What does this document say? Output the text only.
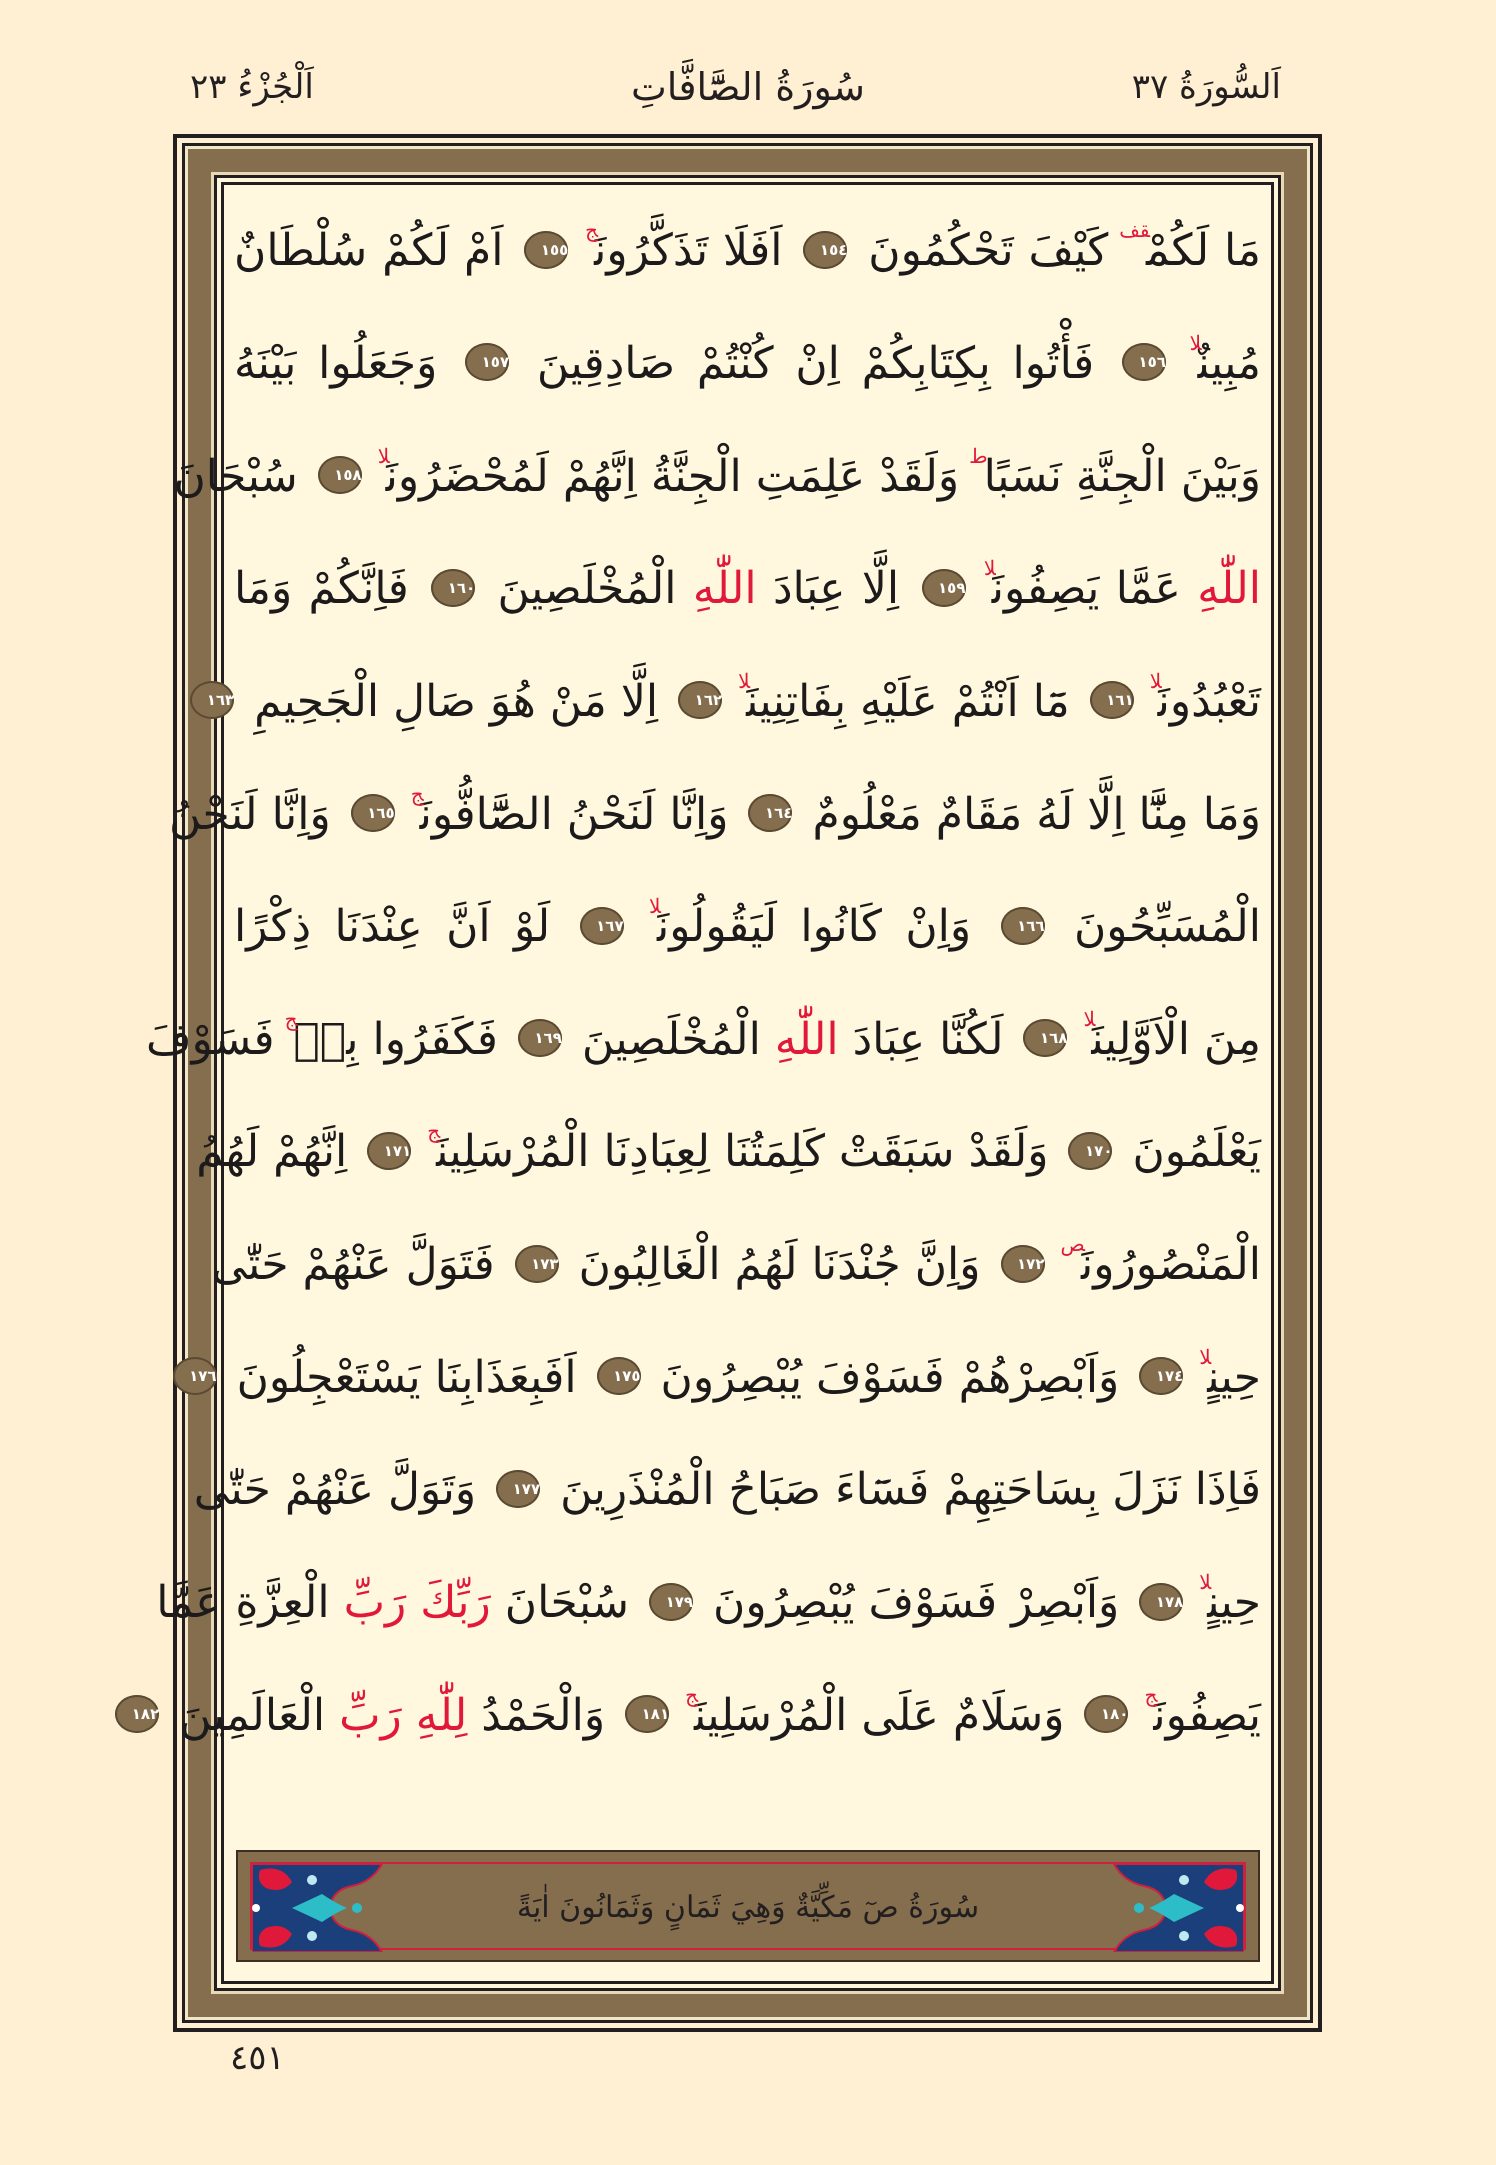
اَلسُّورَةُ ٣٧
سُورَةُ الصَّٓافَّاتِ
اَلْجُزْءُ ٢٣
مَا لَكُمْ$^{قف}$ كَيْفَ تَحْكُمُونَ ١٥٤ اَفَلَا تَذَكَّرُونَ$^ج$ ١٥٥ اَمْ لَكُمْ سُلْطَانٌ
مُبِينٌ$^{لا}$ ١٥٦ فَأْتُوا بِكِتَابِكُمْ اِنْ كُنْتُمْ صَادِقِينَ ١٥٧ وَجَعَلُوا بَيْنَهُ
وَبَيْنَ الْجِنَّةِ نَسَبًا$^ط$ وَلَقَدْ عَلِمَتِ الْجِنَّةُ اِنَّهُمْ لَمُحْضَرُونَ$^{لا}$ ١٥٨ سُبْحَانَ
اللّٰهِ عَمَّا يَصِفُونَ$^{لا}$ ١٥٩ اِلَّا عِبَادَ اللّٰهِ الْمُخْلَصِينَ ١٦٠ فَاِنَّكُمْ وَمَا
تَعْبُدُونَ$^{لا}$ ١٦١ مَٓا اَنْتُمْ عَلَيْهِ بِفَاتِنِينَ$^{لا}$ ١٦٢ اِلَّا مَنْ هُوَ صَالِ الْجَحِيمِ ١٦٣
وَمَا مِنَّٓا اِلَّا لَهُ مَقَامٌ مَعْلُومٌ ١٦٤ وَاِنَّا لَنَحْنُ الصَّٓافُّونَ$^ج$ ١٦٥ وَاِنَّا لَنَحْنُ
الْمُسَبِّحُونَ ١٦٦ وَاِنْ كَانُوا لَيَقُولُونَ$^{لا}$ ١٦٧ لَوْ اَنَّ عِنْدَنَا ذِكْرًا
مِنَ الْاَوَّلِينَ$^{لا}$ ١٦٨ لَكُنَّا عِبَادَ اللّٰهِ الْمُخْلَصِينَ ١٦٩ فَكَفَرُوا بِهٖ$^ج$ فَسَوْفَ
يَعْلَمُونَ ١٧٠ وَلَقَدْ سَبَقَتْ كَلِمَتُنَا لِعِبَادِنَا الْمُرْسَلِينَ$^ج$ ١٧١ اِنَّهُمْ لَهُمُ
الْمَنْصُورُونَ$^ص$ ١٧٢ وَاِنَّ جُنْدَنَا لَهُمُ الْغَالِبُونَ ١٧٣ فَتَوَلَّ عَنْهُمْ حَتّٰى
حِينٍ$^{لا}$ ١٧٤ وَاَبْصِرْهُمْ فَسَوْفَ يُبْصِرُونَ ١٧٥ اَفَبِعَذَابِنَا يَسْتَعْجِلُونَ ١٧٦
فَاِذَا نَزَلَ بِسَاحَتِهِمْ فَسَٓاءَ صَبَاحُ الْمُنْذَرِينَ ١٧٧ وَتَوَلَّ عَنْهُمْ حَتّٰى
حِينٍ$^{لا}$ ١٧٨ وَاَبْصِرْ فَسَوْفَ يُبْصِرُونَ ١٧٩ سُبْحَانَ رَبِّكَ رَبِّ الْعِزَّةِ عَمَّا
يَصِفُونَ$^ج$ ١٨٠ وَسَلَامٌ عَلَى الْمُرْسَلِينَ$^ج$ ١٨١ وَالْحَمْدُ لِلّٰهِ رَبِّ الْعَالَمِينَ ١٨٢
سُورَةُ صٓ مَكِّيَّةٌ وَهِيَ ثَمَانٍ وَثَمَانُونَ اٰيَةً
٤٥١
